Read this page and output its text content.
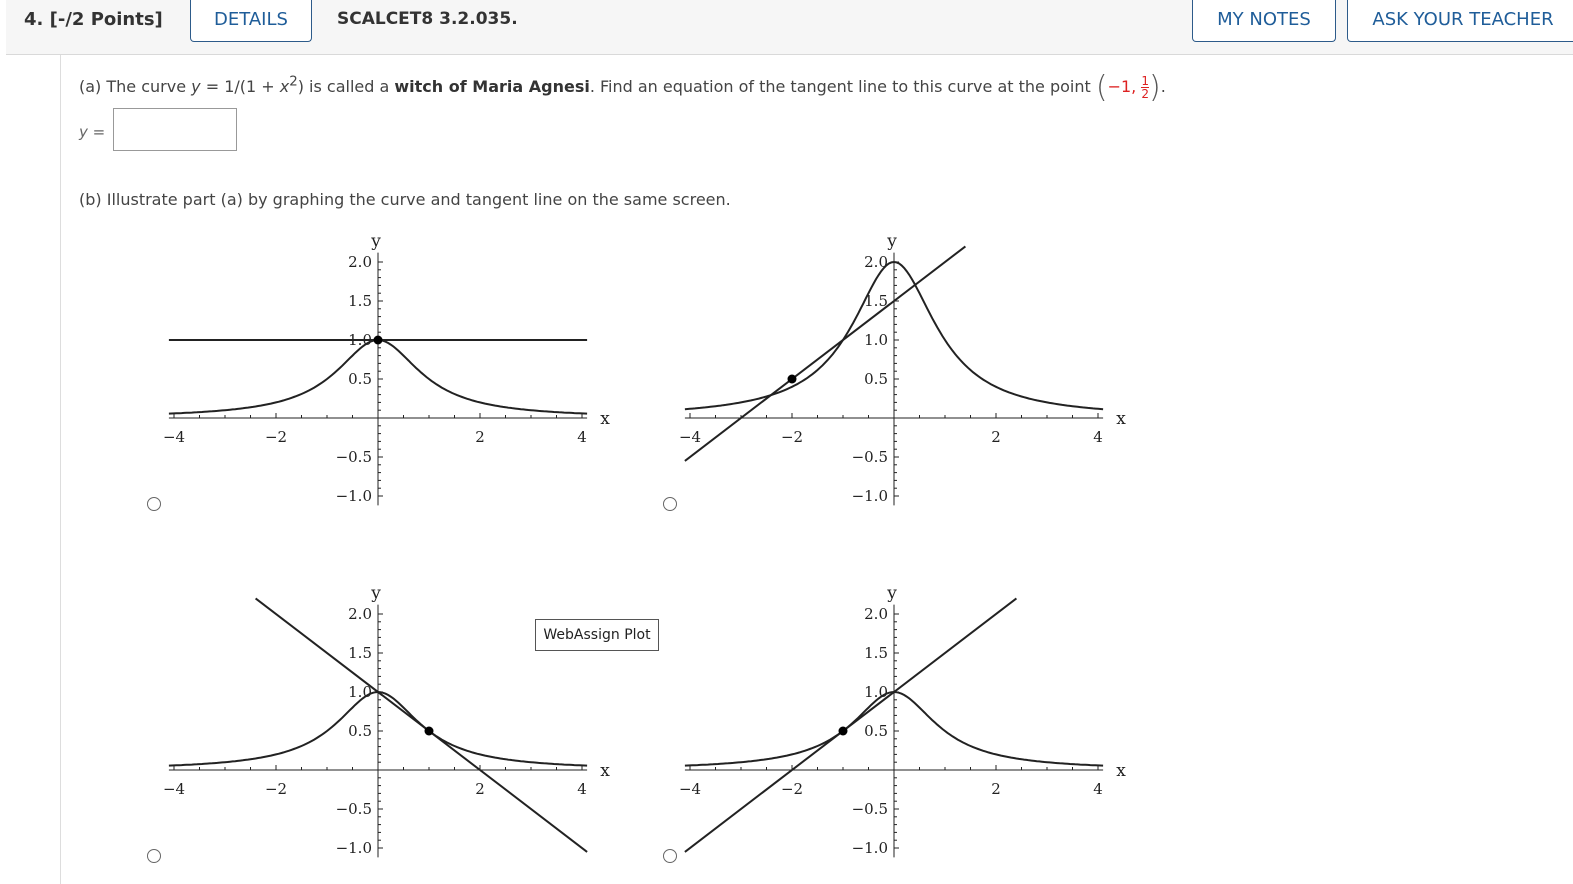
4. [-/2 Points]	DETAILS	SCALCET8 3.2.035.	MY NOTES	ASK YOUR TEACHER
(a) The curve $y = 1/(1 + x^2)$ is called a witch of Maria Agnesi. Find an equation of the tangent line to this curve at the point (−1, $\frac{1}{2}$ ).
y =
(b) Illustrate part (a) by graphing the curve and tangent line on the same screen.
−4	−2	2	4
2.0
1.5
1.0
0.5
−0.5
−1.0
x
y
−4	−2	2	4
2.0
1.5
1.0
0.5
−0.5
−1.0
x
y
−4	−2	2	4
2.0
1.5
1.0
0.5
−0.5
−1.0
x
y
−4	−2	2	4
2.0
1.5
1.0
0.5
−0.5
−1.0
x
y
WebAssign Plot
